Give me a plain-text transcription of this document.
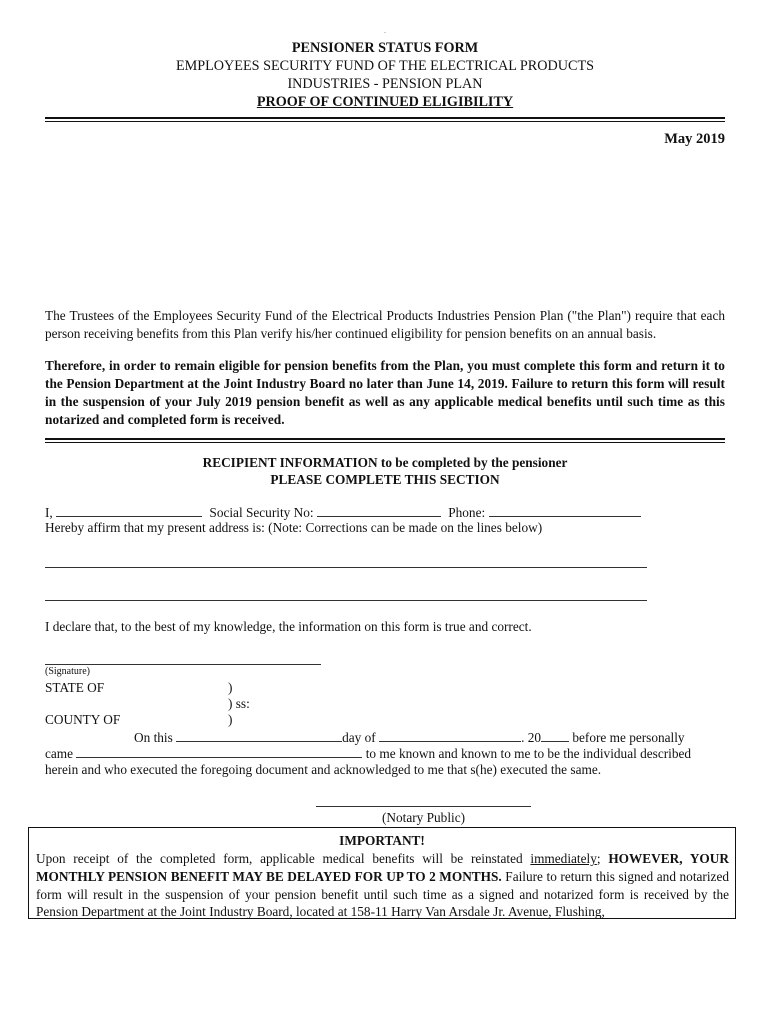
-
PENSIONER STATUS FORM
EMPLOYEES SECURITY FUND OF THE ELECTRICAL PRODUCTS
INDUSTRIES - PENSION PLAN
PROOF OF CONTINUED ELIGIBILITY
May 2019
The Trustees of the Employees Security Fund of the Electrical Products Industries Pension Plan ("the Plan") require that each person receiving benefits from this Plan verify his/her continued eligibility for pension benefits on an annual basis.
Therefore, in order to remain eligible for pension benefits from the Plan, you must complete this form and return it to the Pension Department at the Joint Industry Board no later than June 14, 2019. Failure to return this form will result in the suspension of your July 2019 pension benefit as well as any applicable medical benefits until such time as this notarized and completed form is received.
RECIPIENT INFORMATION to be completed by the pensioner
PLEASE COMPLETE THIS SECTION
I,	Social Security No:	Phone:
Hereby affirm that my present address is: (Note: Corrections can be made on the lines below)
I declare that, to the best of my knowledge, the information on this form is true and correct.
(Signature)
STATE OF	)
) ss:
COUNTY OF	)
On this	day of	. 20 before me personally
came	to me known and known to me to be the individual described
herein and who executed the foregoing document and acknowledged to me that s(he) executed the same.
(Notary Public)
IMPORTANT!
Upon receipt of the completed form, applicable medical benefits will be reinstated immediately; HOWEVER, YOUR MONTHLY PENSION BENEFIT MAY BE DELAYED FOR UP TO 2 MONTHS. Failure to return this signed and notarized form will result in the suspension of your pension benefit until such time as a signed and notarized form is received by the Pension Department at the Joint Industry Board, located at 158-11 Harry Van Arsdale Jr. Avenue, Flushing,
